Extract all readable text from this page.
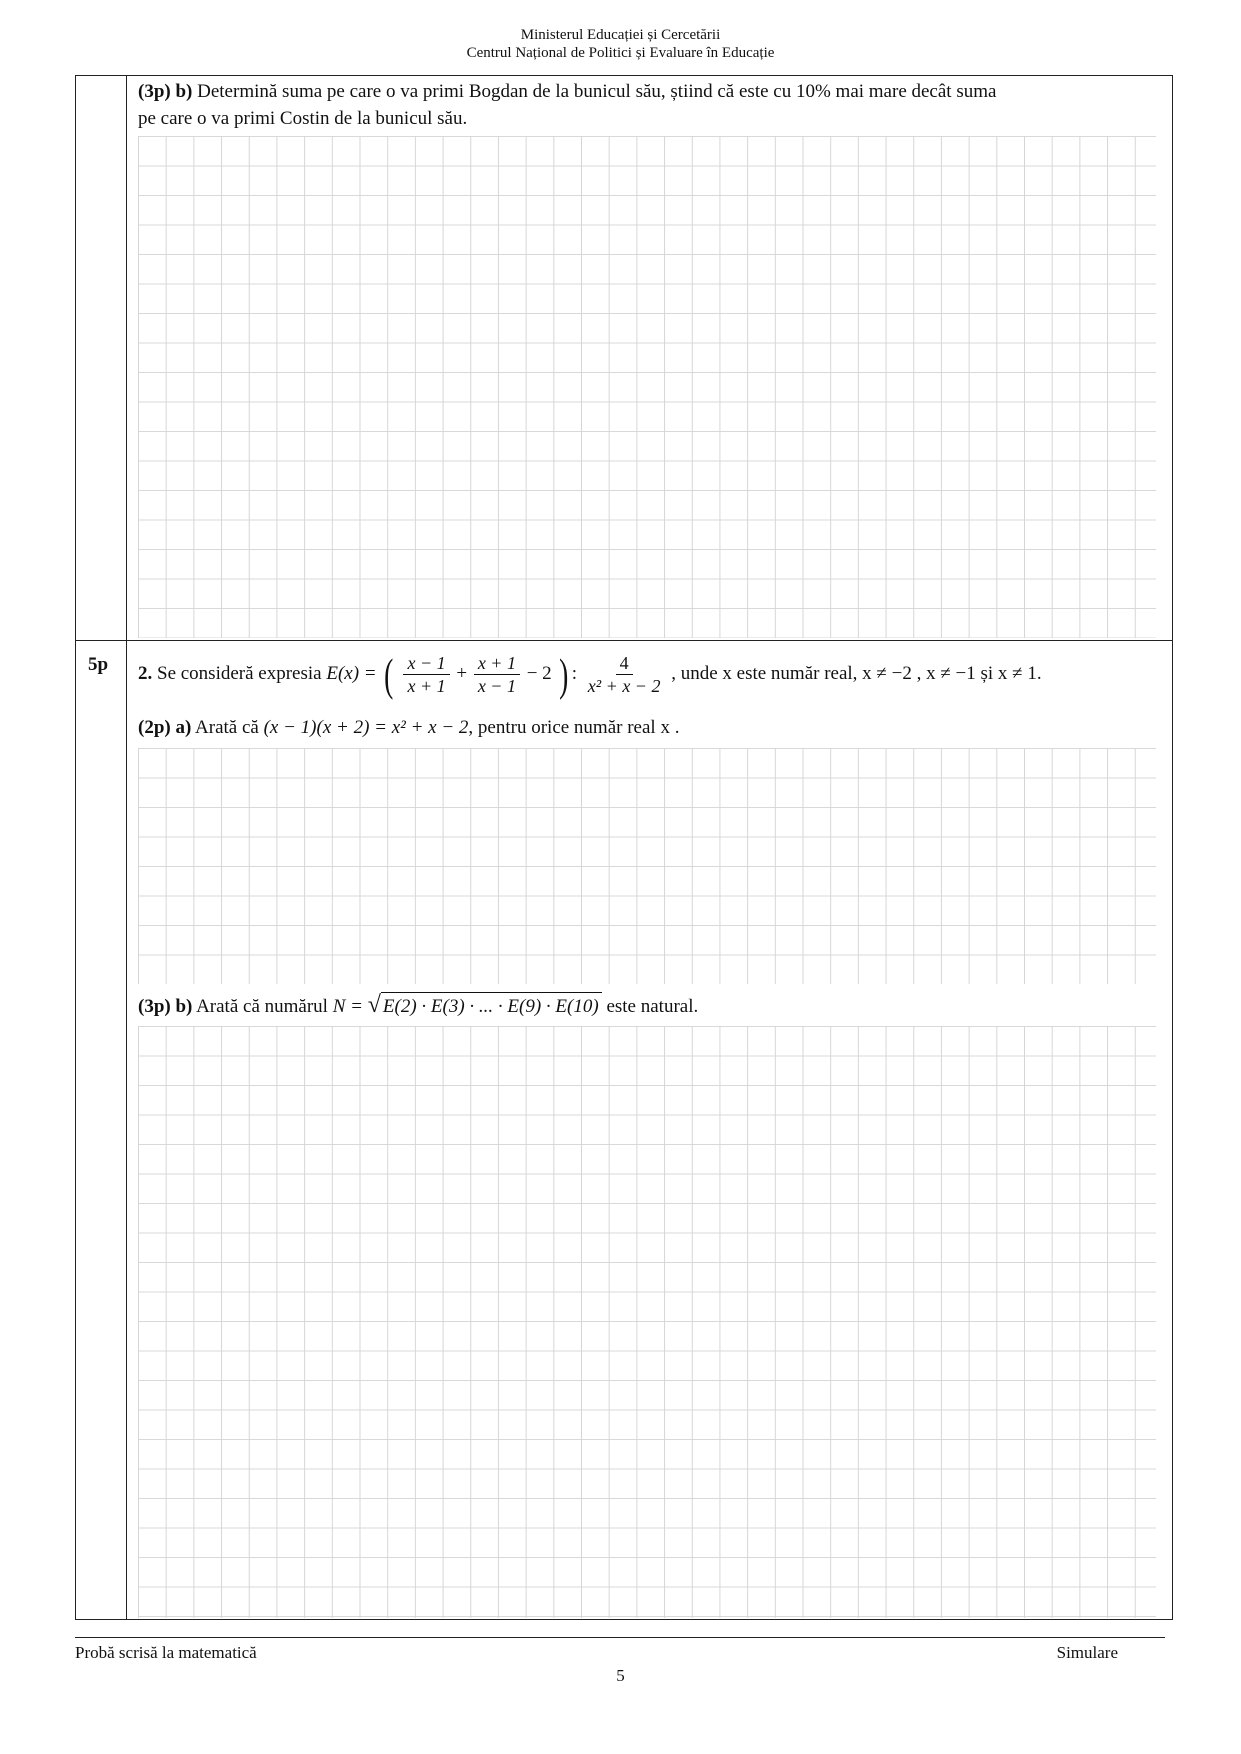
Ministerul Educației și Cercetării
Centrul Național de Politici și Evaluare în Educație
(3p) b) Determină suma pe care o va primi Bogdan de la bunicul său, știind că este cu 10% mai mare decât suma
pe care o va primi Costin de la bunicul său.
5p 2. Se consideră expresia E(x) = ( $\frac{x - 1}{x + 1} + \frac{x + 1}{x - 1} - 2$ ) : $\frac{4}{\text{x² + x − 2}}$ , unde x este număr real, x ≠ −2 , x ≠ −1 și x ≠ 1.
(2p) a) Arată că (x − 1)(x + 2) = x² + x − 2, pentru orice număr real x .
(3p) b) Arată că numărul N = √ E(2) · E(3) · ... · E(9) · E(10) este natural.
Probă scrisă la matematică	Simulare
5
